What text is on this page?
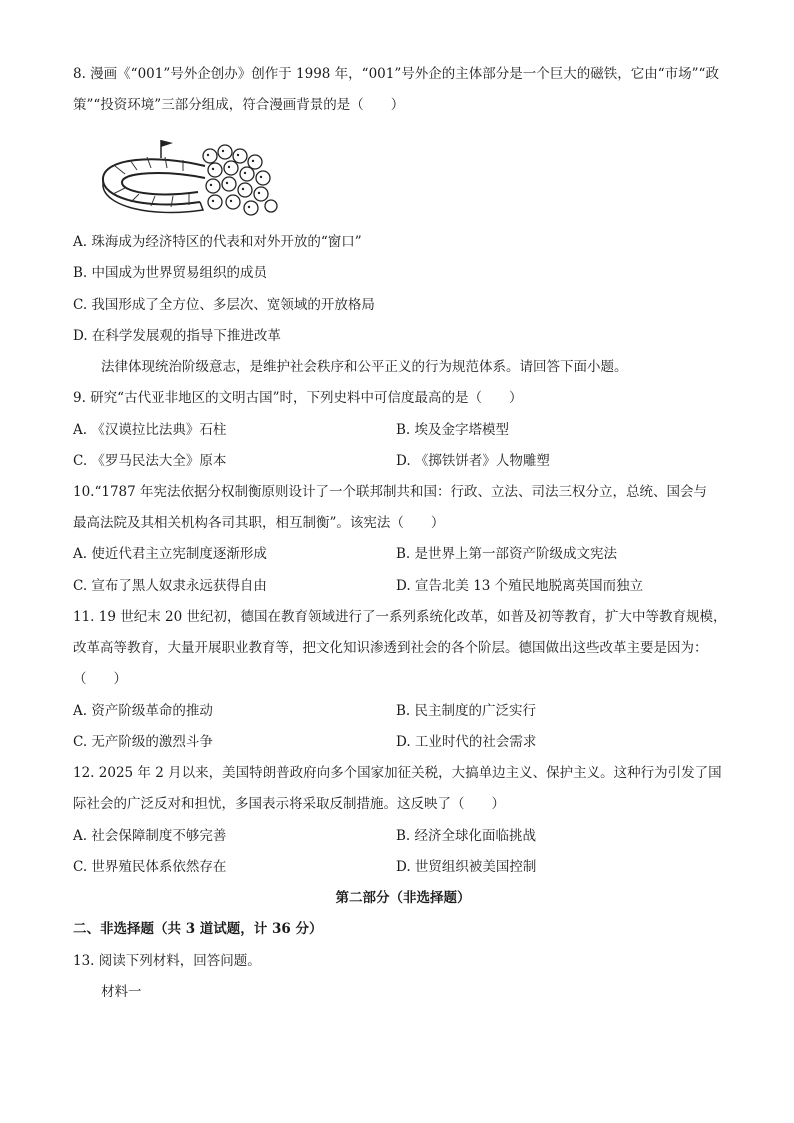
8. 漫画《“001”号外企创办》创作于 1998 年，“001”号外企的主体部分是一个巨大的磁铁，它由“市场”“政
策”“投资环境”三部分组成，符合漫画背景的是（　　）
A. 珠海成为经济特区的代表和对外开放的“窗口”
B. 中国成为世界贸易组织的成员
C. 我国形成了全方位、多层次、宽领域的开放格局
D. 在科学发展观的指导下推进改革
法律体现统治阶级意志，是维护社会秩序和公平正义的行为规范体系。请回答下面小题。
9. 研究“古代亚非地区的文明古国”时，下列史料中可信度最高的是（　　）
A. 《汉谟拉比法典》石柱	B. 埃及金字塔模型
C. 《罗马民法大全》原本	D. 《掷铁饼者》人物雕塑
10.“1787 年宪法依据分权制衡原则设计了一个联邦制共和国：行政、立法、司法三权分立，总统、国会与
最高法院及其相关机构各司其职，相互制衡”。该宪法（　　）
A. 使近代君主立宪制度逐渐形成	B. 是世界上第一部资产阶级成文宪法
C. 宣布了黑人奴隶永远获得自由	D. 宣告北美 13 个殖民地脱离英国而独立
11. 19 世纪末 20 世纪初，德国在教育领域进行了一系列系统化改革，如普及初等教育，扩大中等教育规模，
改革高等教育，大量开展职业教育等，把文化知识渗透到社会的各个阶层。德国做出这些改革主要是因为：
（　　）
A. 资产阶级革命的推动	B. 民主制度的广泛实行
C. 无产阶级的激烈斗争	D. 工业时代的社会需求
12. 2025 年 2 月以来，美国特朗普政府向多个国家加征关税，大搞单边主义、保护主义。这种行为引发了国
际社会的广泛反对和担忧，多国表示将采取反制措施。这反映了（　　）
A. 社会保障制度不够完善	B. 经济全球化面临挑战
C. 世界殖民体系依然存在	D. 世贸组织被美国控制
第二部分（非选择题）
二、非选择题（共 3 道试题，计 36 分）
13. 阅读下列材料，回答问题。
材料一
